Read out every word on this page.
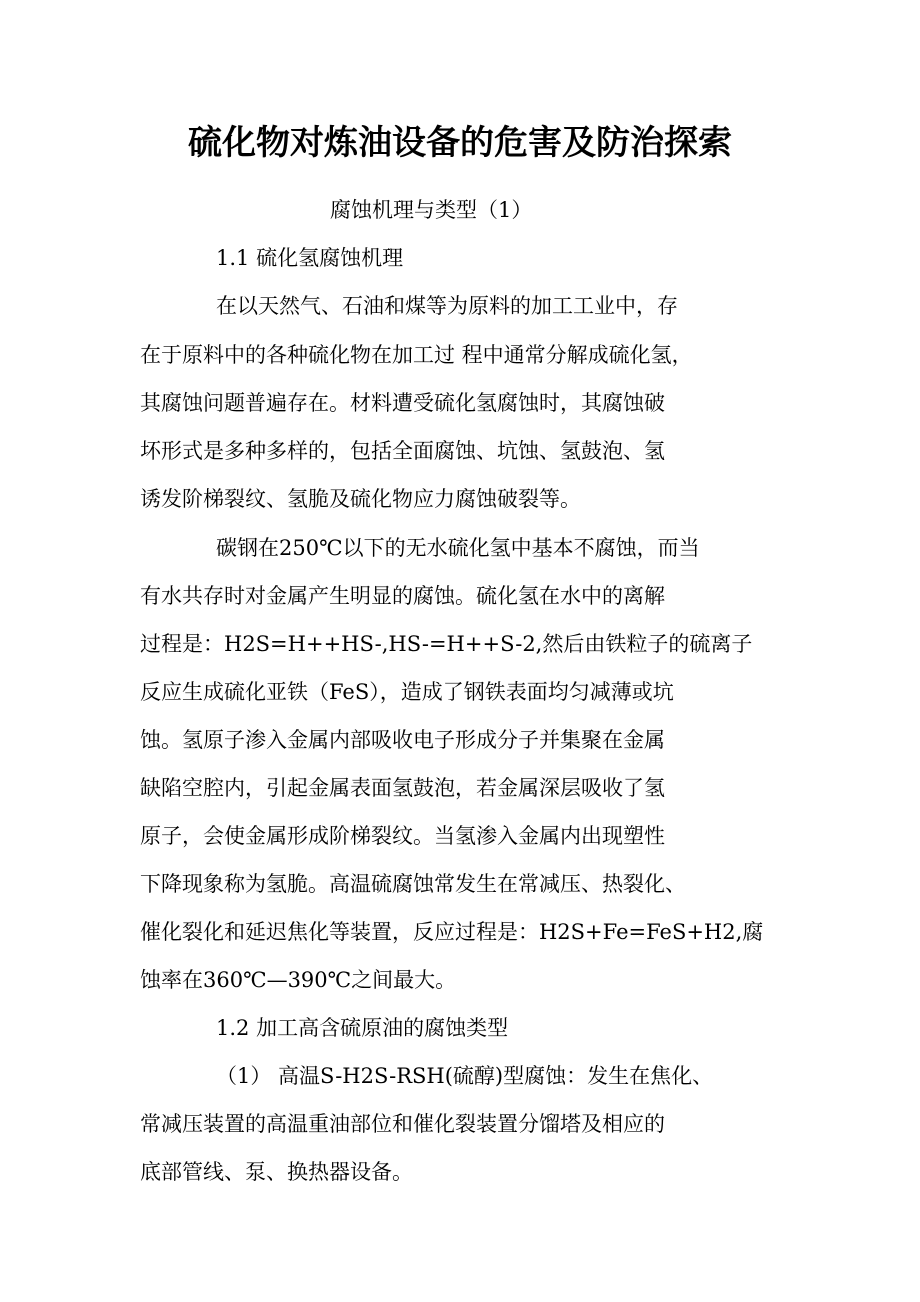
硫化物对炼油设备的危害及防治探索
腐蚀机理与类型（1）
1.1 硫化氢腐蚀机理
在以天然气、石油和煤等为原料的加工工业中，存
在于原料中的各种硫化物在加工过 程中通常分解成硫化氢，
其腐蚀问题普遍存在。材料遭受硫化氢腐蚀时，其腐蚀破
坏形式是多种多样的，包括全面腐蚀、坑蚀、氢鼓泡、氢
诱发阶梯裂纹、氢脆及硫化物应力腐蚀破裂等。
碳钢在250℃以下的无水硫化氢中基本不腐蚀，而当
有水共存时对金属产生明显的腐蚀。硫化氢在水中的离解
过程是：H2S=H++HS-,HS-=H++S-2,然后由铁粒子的硫离子
反应生成硫化亚铁（FeS），造成了钢铁表面均匀减薄或坑
蚀。氢原子渗入金属内部吸收电子形成分子并集聚在金属
缺陷空腔内，引起金属表面氢鼓泡，若金属深层吸收了氢
原子，会使金属形成阶梯裂纹。当氢渗入金属内出现塑性
下降现象称为氢脆。高温硫腐蚀常发生在常减压、热裂化、
催化裂化和延迟焦化等装置，反应过程是：H2S+Fe=FeS+H2,腐
蚀率在360℃—390℃之间最大。
1.2 加工高含硫原油的腐蚀类型
（1） 高温S-H2S-RSH(硫醇)型腐蚀：发生在焦化、
常减压装置的高温重油部位和催化裂装置分馏塔及相应的
底部管线、泵、换热器设备。
